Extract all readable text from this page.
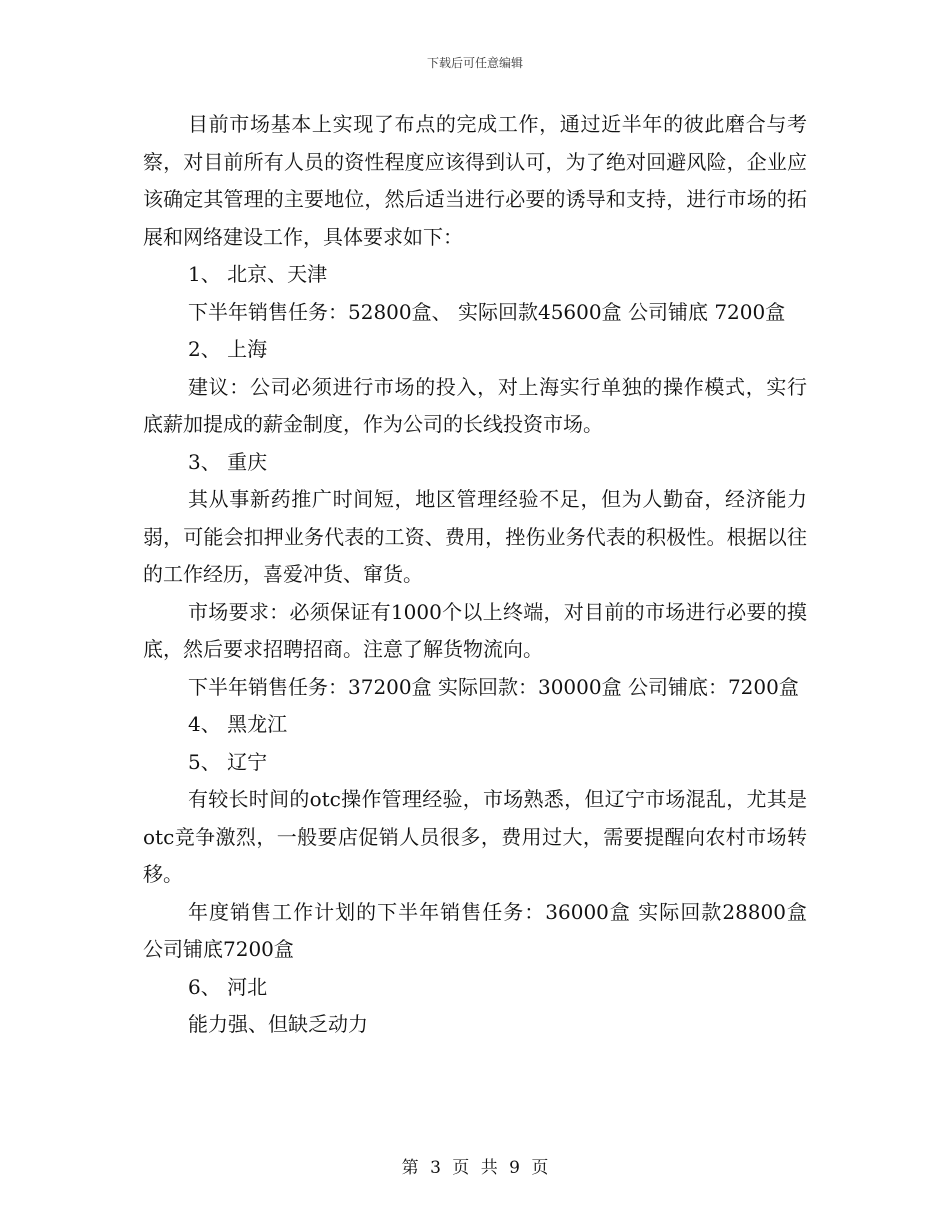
下载后可任意编辑

目前市场基本上实现了布点的完成工作，通过近半年的彼此磨合与考察，对目前所有人员的资性程度应该得到认可，为了绝对回避风险，企业应该确定其管理的主要地位，然后适当进行必要的诱导和支持，进行市场的拓展和网络建设工作，具体要求如下：

1、 北京、天津

下半年销售任务：52800盒、 实际回款45600盒 公司铺底 7200盒

2、 上海

建议：公司必须进行市场的投入，对上海实行单独的操作模式，实行底薪加提成的薪金制度，作为公司的长线投资市场。

3、 重庆

其从事新药推广时间短，地区管理经验不足，但为人勤奋，经济能力弱，可能会扣押业务代表的工资、费用，挫伤业务代表的积极性。根据以往的工作经历，喜爱冲货、窜货。

市场要求：必须保证有1000个以上终端，对目前的市场进行必要的摸底，然后要求招聘招商。注意了解货物流向。

下半年销售任务：37200盒 实际回款：30000盒 公司铺底：7200盒

4、 黑龙江

5、 辽宁

有较长时间的otc操作管理经验，市场熟悉，但辽宁市场混乱，尤其是otc竞争激烈，一般要店促销人员很多，费用过大，需要提醒向农村市场转移。

年度销售工作计划的下半年销售任务：36000盒 实际回款28800盒 公司铺底7200盒

6、 河北

能力强、但缺乏动力

第 3 页 共 9 页
